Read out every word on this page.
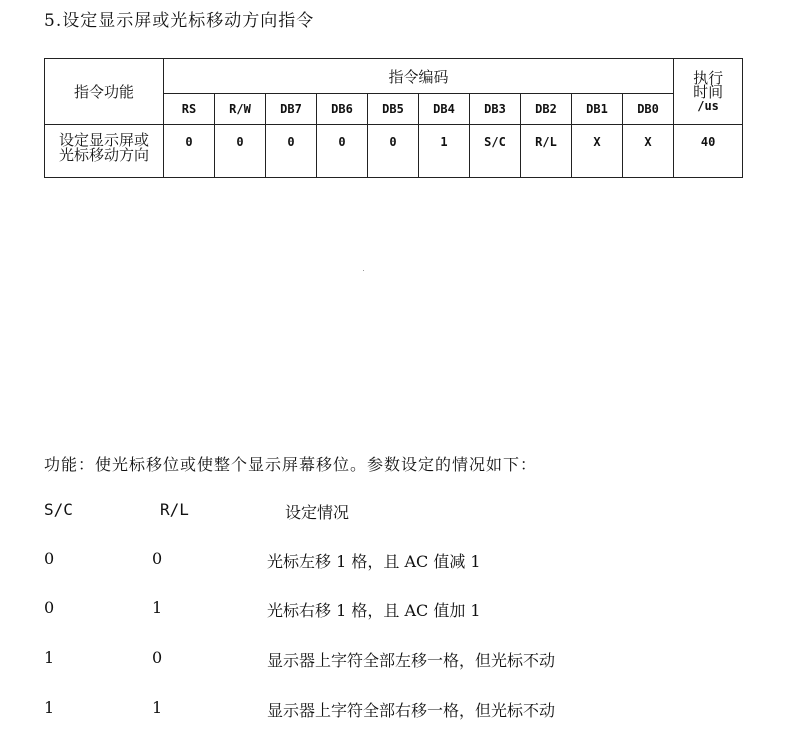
5.设定显示屏或光标移动方向指令
指令功能	指令编码										执行
时间
/us

	RS	R/W	DB7	DB6	DB5	DB4	DB3	DB2	DB1	DB0	

设定显示屏或
光标移动方向	0	0	0	0	0	1	S/C	R/L	X	X	40
功能：使光标移位或使整个显示屏幕移位。参数设定的情况如下：
S/C	R/L	设定情况
0	0	光标左移 1 格，且 AC 值减 1
0	1	光标右移 1 格，且 AC 值加 1
1	0	显示器上字符全部左移一格，但光标不动
1	1	显示器上字符全部右移一格，但光标不动
